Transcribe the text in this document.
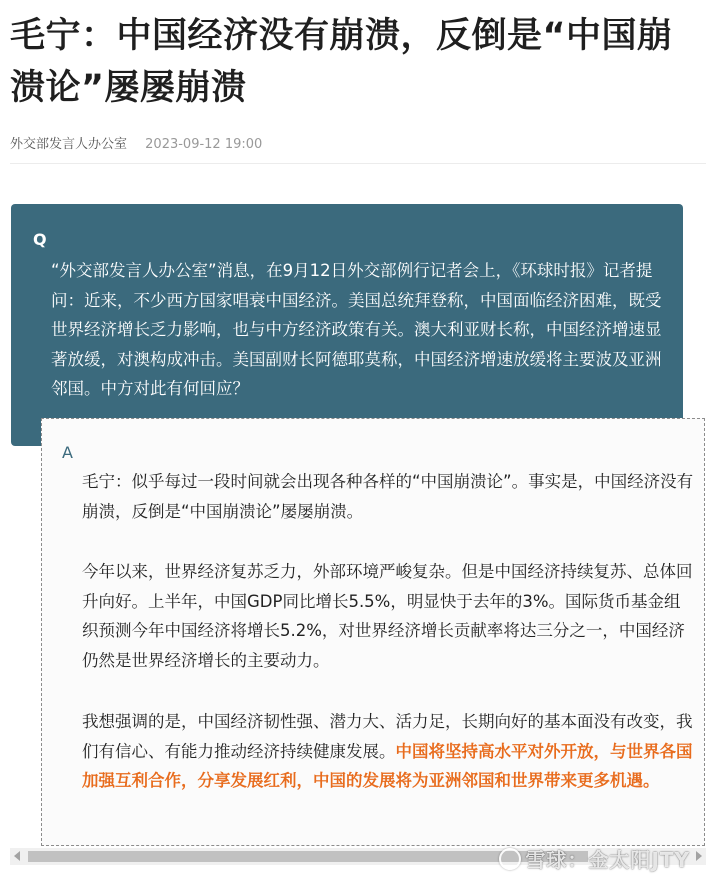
毛宁：中国经济没有崩溃，反倒是“中国崩溃论”屡屡崩溃
外交部发言人办公室 2023-09-12 19:00
Q

“外交部发言人办公室”消息，在9月12日外交部例行记者会上，《环球时报》记者提问：近来，不少西方国家唱衰中国经济。美国总统拜登称，中国面临经济困难，既受世界经济增长乏力影响，也与中方经济政策有关。澳大利亚财长称，中国经济增速显著放缓，对澳构成冲击。美国副财长阿德耶莫称，中国经济增速放缓将主要波及亚洲邻国。中方对此有何回应？

A

毛宁：似乎每过一段时间就会出现各种各样的“中国崩溃论”。事实是，中国经济没有崩溃，反倒是“中国崩溃论”屡屡崩溃。

今年以来，世界经济复苏乏力，外部环境严峻复杂。但是中国经济持续复苏、总体回升向好。上半年，中国GDP同比增长5.5%，明显快于去年的3%。国际货币基金组织预测今年中国经济将增长5.2%，对世界经济增长贡献率将达三分之一，中国经济仍然是世界经济增长的主要动力。

我想强调的是，中国经济韧性强、潜力大、活力足，长期向好的基本面没有改变，我们有信心、有能力推动经济持续健康发展。中国将坚持高水平对外开放，与世界各国加强互利合作，分享发展红利，中国的发展将为亚洲邻国和世界带来更多机遇。

雪球：金太阳JTY
